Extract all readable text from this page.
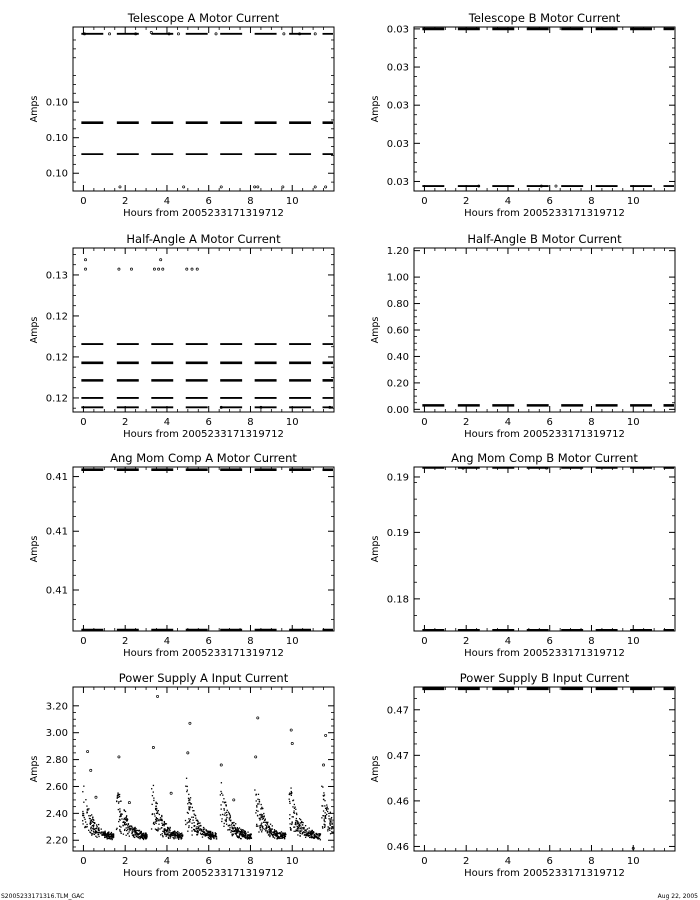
Telescope A Motor Current
Hours from 2005233171319712
Amps
0	2	4	6	8	10
0.10
0.10
0.10
Telescope B Motor Current
Hours from 2005233171319712
Amps
0	2	4	6	8	10
0.03
0.03
0.03
0.03
0.03
Half-Angle A Motor Current
Hours from 2005233171319712
Amps
0	2	4	6	8	10
0.12
0.12
0.12
0.13
Half-Angle B Motor Current
Hours from 2005233171319712
Amps
0	2	4	6	8	10
0.00
0.20
0.40
0.60
0.80
1.00
1.20
Ang Mom Comp A Motor Current
Hours from 2005233171319712
Amps
0	2	4	6	8	10
0.41
0.41
0.41
Ang Mom Comp B Motor Current
Hours from 2005233171319712
Amps
0	2	4	6	8	10
0.18
0.19
0.19
Power Supply A Input Current
Hours from 2005233171319712
Amps
0	2	4	6	8	10
2.20
2.40
2.60
2.80
3.00
3.20
Power Supply B Input Current
Hours from 2005233171319712
Amps
0	2	4	6	8	10
0.46
0.46
0.47
0.47
S2005233171316.TLM_GAC	Aug 22, 2005
